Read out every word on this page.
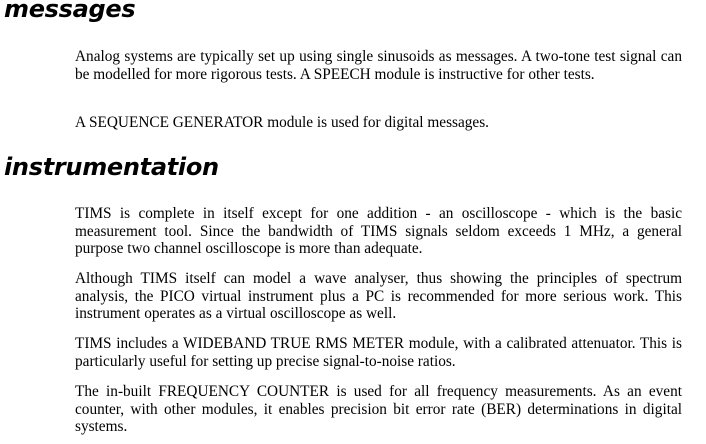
messages

Analog systems are typically set up using single sinusoids as messages. A two-tone test signal can be modelled for more rigorous tests. A SPEECH module is instructive for other tests.

A SEQUENCE GENERATOR module is used for digital messages.

instrumentation

TIMS is complete in itself except for one addition - an oscilloscope - which is the basic measurement tool. Since the bandwidth of TIMS signals seldom exceeds 1 MHz, a general purpose two channel oscilloscope is more than adequate.

Although TIMS itself can model a wave analyser, thus showing the principles of spectrum analysis, the PICO virtual instrument plus a PC is recommended for more serious work. This instrument operates as a virtual oscilloscope as well.

TIMS includes a WIDEBAND TRUE RMS METER module, with a calibrated attenuator. This is particularly useful for setting up precise signal-to-noise ratios.

The in-built FREQUENCY COUNTER is used for all frequency measurements. As an event counter, with other modules, it enables precision bit error rate (BER) determinations in digital systems.
